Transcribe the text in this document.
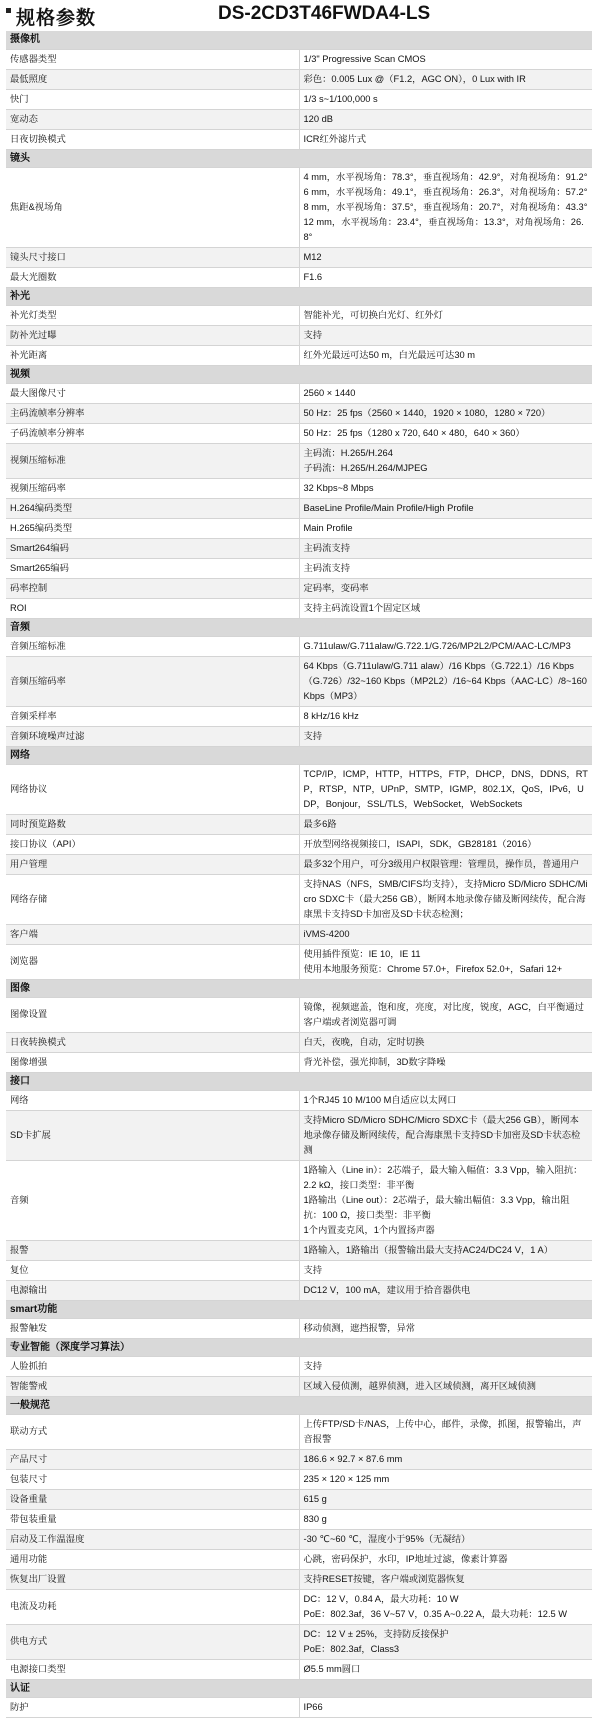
规格参数	DS-2CD3T46FWDA4-LS
摄像机	
传感器类型	1/3" Progressive Scan CMOS

最低照度	彩色：0.005 Lux @（F1.2，AGC ON），0 Lux with IR

快门	1/3 s~1/100,000 s

宽动态	120 dB

日夜切换模式	ICR红外滤片式

镜头	
焦距&视场角	4 mm，水平视场角：78.3°，垂直视场角：42.9°，对角视场角：91.2°
6 mm，水平视场角：49.1°，垂直视场角：26.3°，对角视场角：57.2°
8 mm，水平视场角：37.5°，垂直视场角：20.7°，对角视场角：43.3°
12 mm，水平视场角：23.4°，垂直视场角：13.3°，对角视场角：26.8°

镜头尺寸接口	M12

最大光圈数	F1.6

补光	
补光灯类型	智能补光，可切换白光灯、红外灯

防补光过曝	支持

补光距离	红外光最远可达50 m，白光最远可达30 m

视频	
最大图像尺寸	2560 × 1440

主码流帧率分辨率	50 Hz：25 fps（2560 × 1440，1920 × 1080，1280 × 720）

子码流帧率分辨率	50 Hz：25 fps（1280 x 720, 640 × 480，640 × 360）

视频压缩标准	主码流：H.265/H.264
子码流：H.265/H.264/MJPEG

视频压缩码率	32 Kbps~8 Mbps

H.264编码类型	BaseLine Profile/Main Profile/High Profile

H.265编码类型	Main Profile

Smart264编码	主码流支持

Smart265编码	主码流支持

码率控制	定码率，变码率

ROI	支持主码流设置1个固定区域

音频	
音频压缩标准	G.711ulaw/G.711alaw/G.722.1/G.726/MP2L2/PCM/AAC-LC/MP3

音频压缩码率	64 Kbps（G.711ulaw/G.711 alaw）/16 Kbps（G.722.1）/16 Kbps（G.726）/32~160 Kbps（MP2L2）/16~64 Kbps（AAC-LC）/8~160 Kbps（MP3）

音频采样率	8 kHz/16 kHz

音频环境噪声过滤	支持

网络	
网络协议	TCP/IP，ICMP，HTTP，HTTPS，FTP，DHCP，DNS，DDNS，RTP，RTSP，NTP，UPnP，SMTP，IGMP，802.1X，QoS，IPv6，UDP，Bonjour，SSL/TLS，WebSocket，WebSockets

同时预览路数	最多6路

接口协议（API）	开放型网络视频接口，ISAPI，SDK，GB28181（2016）

用户管理	最多32个用户，可分3级用户权限管理：管理员，操作员，普通用户

网络存储	支持NAS（NFS，SMB/CIFS均支持），支持Micro SD/Micro SDHC/Micro SDXC卡（最大256 GB），断网本地录像存储及断网续传，配合海康黑卡支持SD卡加密及SD卡状态检测；

客户端	iVMS-4200

浏览器	使用插件预览：IE 10，IE 11
使用本地服务预览：Chrome 57.0+，Firefox 52.0+，Safari 12+

图像	
图像设置	镜像，视频遮盖，饱和度，亮度，对比度，锐度，AGC，白平衡通过客户端或者浏览器可调

日夜转换模式	白天，夜晚，自动，定时切换

图像增强	背光补偿，强光抑制，3D数字降噪

接口	
网络	1个RJ45 10 M/100 M自适应以太网口

SD卡扩展	支持Micro SD/Micro SDHC/Micro SDXC卡（最大256 GB），断网本地录像存储及断网续传，配合海康黑卡支持SD卡加密及SD卡状态检测

音频	1路输入（Line in）：2芯端子，最大输入幅值：3.3 Vpp，输入阻抗：2.2 kΩ，接口类型：非平衡
1路输出（Line out）：2芯端子，最大输出幅值：3.3 Vpp，输出阻抗：100 Ω，接口类型：非平衡
1个内置麦克风，1个内置扬声器

报警	1路输入，1路输出（报警输出最大支持AC24/DC24 V，1 A）

复位	支持

电源输出	DC12 V，100 mA，建议用于拾音器供电

smart功能	
报警触发	移动侦测，遮挡报警，异常

专业智能（深度学习算法）	
人脸抓拍	支持

智能警戒	区域入侵侦测，越界侦测，进入区域侦测，离开区域侦测

一般规范	
联动方式	上传FTP/SD卡/NAS，上传中心，邮件，录像，抓图，报警输出，声音报警

产品尺寸	186.6 × 92.7 × 87.6 mm

包装尺寸	235 × 120 × 125 mm

设备重量	615 g

带包装重量	830 g

启动及工作温湿度	-30 ℃~60 ℃，湿度小于95%（无凝结）

通用功能	心跳，密码保护，水印，IP地址过滤，像素计算器

恢复出厂设置	支持RESET按键，客户端或浏览器恢复

电流及功耗	DC：12 V，0.84 A，最大功耗：10 W
PoE：802.3af，36 V~57 V，0.35 A~0.22 A，最大功耗：12.5 W

供电方式	DC：12 V ± 25%，支持防反接保护
PoE：802.3af，Class3

电源接口类型	Ø5.5 mm圆口

认证	
防护	IP66
